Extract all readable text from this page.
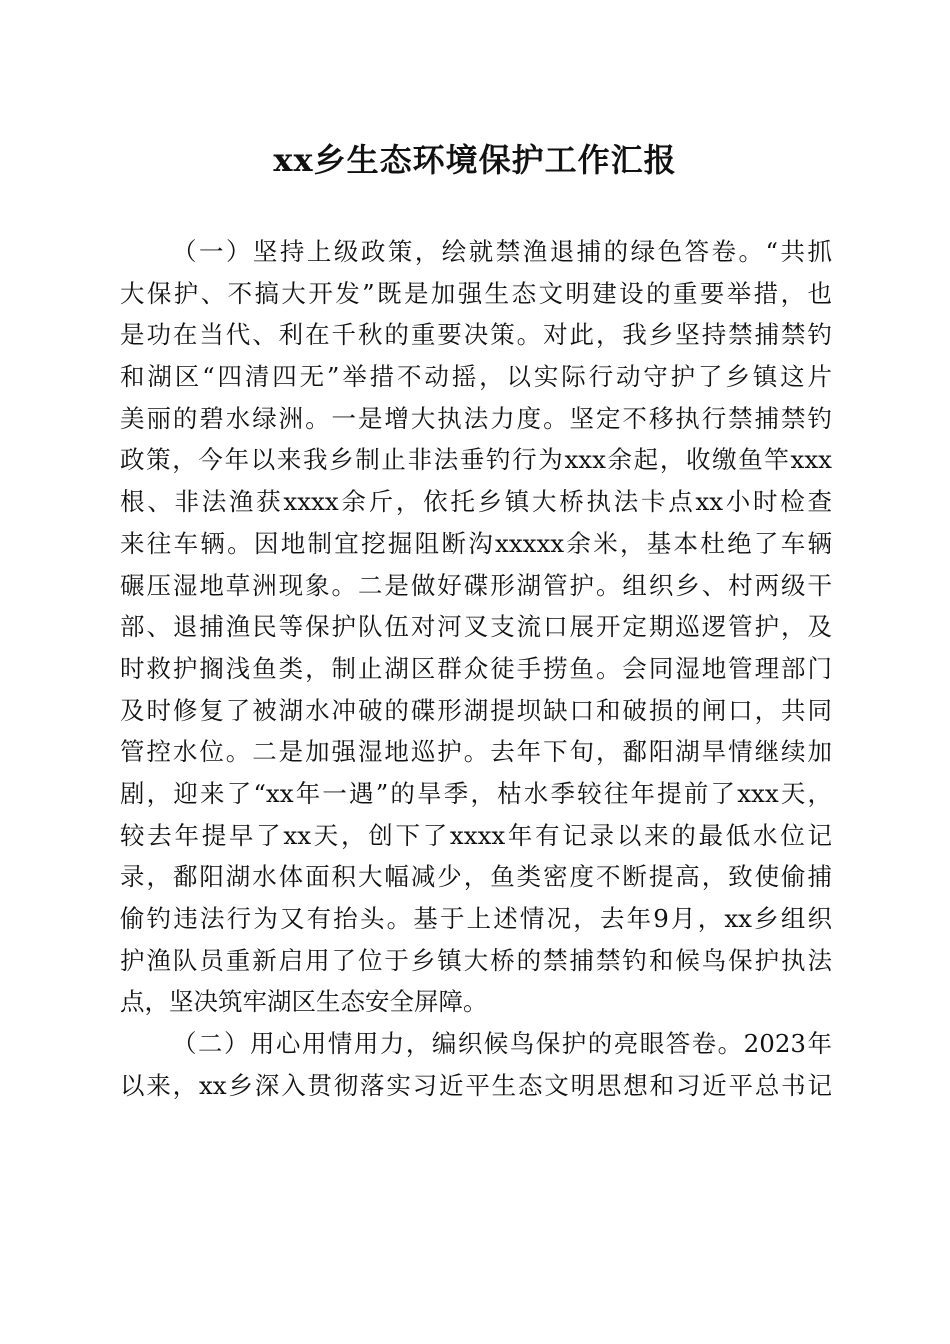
xx乡生态环境保护工作汇报
（一）坚持上级政策，绘就禁渔退捕的绿色答卷。“共抓
大保护、不搞大开发”既是加强生态文明建设的重要举措，也
是功在当代、利在千秋的重要决策。对此，我乡坚持禁捕禁钓
和湖区“四清四无”举措不动摇，以实际行动守护了乡镇这片
美丽的碧水绿洲。一是增大执法力度。坚定不移执行禁捕禁钓
政策，今年以来我乡制止非法垂钓行为xxx余起，收缴鱼竿xxx
根、非法渔获xxxx余斤，依托乡镇大桥执法卡点xx小时检查
来往车辆。因地制宜挖掘阻断沟xxxxx余米，基本杜绝了车辆
碾压湿地草洲现象。二是做好碟形湖管护。组织乡、村两级干
部、退捕渔民等保护队伍对河叉支流口展开定期巡逻管护，及
时救护搁浅鱼类，制止湖区群众徒手捞鱼。会同湿地管理部门
及时修复了被湖水冲破的碟形湖提坝缺口和破损的闸口，共同
管控水位。二是加强湿地巡护。去年下旬，鄱阳湖旱情继续加
剧，迎来了“xx年一遇”的旱季，枯水季较往年提前了xxx天，
较去年提早了xx天，创下了xxxx年有记录以来的最低水位记
录，鄱阳湖水体面积大幅减少，鱼类密度不断提高，致使偷捕
偷钓违法行为又有抬头。基于上述情况，去年9月，xx乡组织
护渔队员重新启用了位于乡镇大桥的禁捕禁钓和候鸟保护执法
点，坚决筑牢湖区生态安全屏障。
（二）用心用情用力，编织候鸟保护的亮眼答卷。2023年
以来，xx乡深入贯彻落实习近平生态文明思想和习近平总书记
